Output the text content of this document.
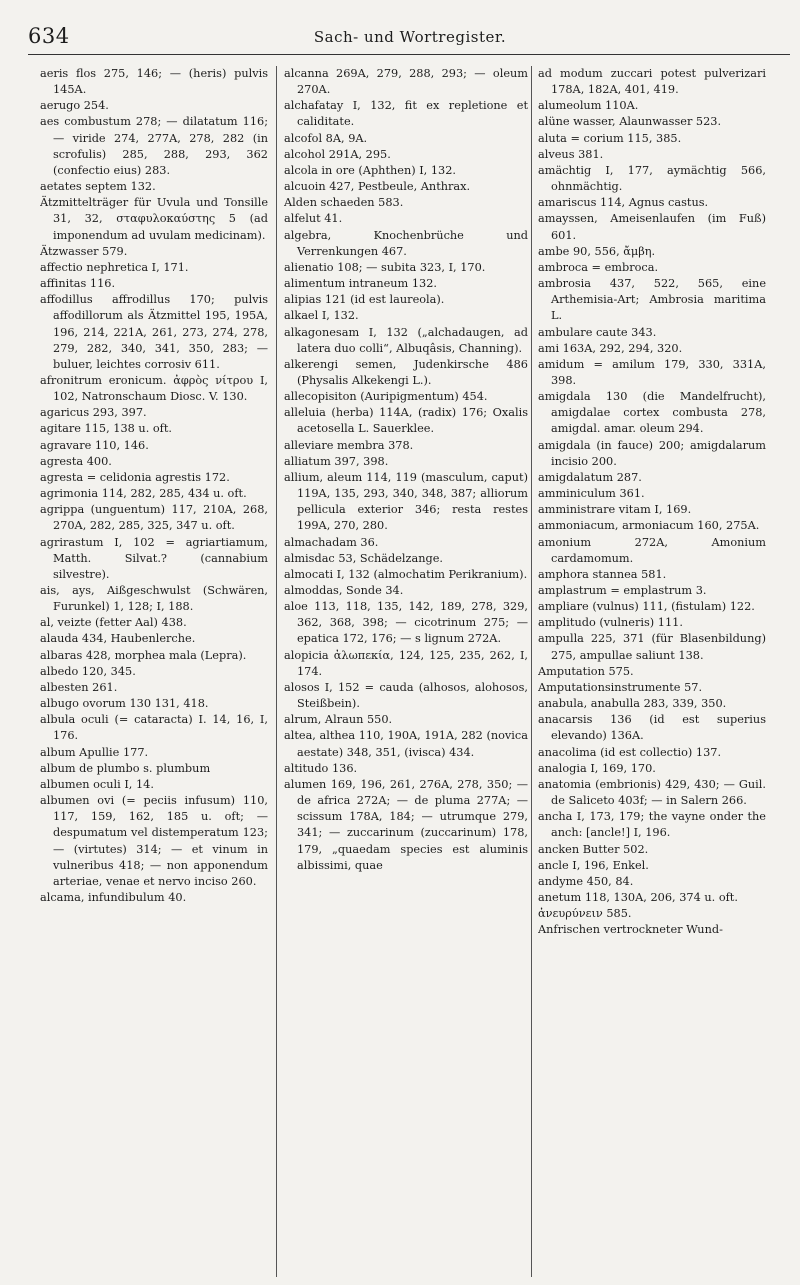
634	Sach- und Wortregister.

aeris flos 275, 146; — (heris) pulvis 145A.

aerugo 254.

aes combustum 278; — dilatatum 116; — viride 274, 277A, 278, 282 (in scrofulis) 285, 288, 293, 362 (confectio eius) 283.

aetates septem 132.

Ätzmittelträger für Uvula und Tonsille 31, 32, σταφυλοκαύστης 5 (ad imponendum ad uvulam medicinam).

Ätzwasser 579.

affectio nephretica I, 171.

affinitas 116.

affodillus affrodillus 170; pulvis affodillorum als Ätzmittel 195, 195A, 196, 214, 221A, 261, 273, 274, 278, 279, 282, 340, 341, 350, 283; — buluer, leichtes corrosiv 611.

afronitrum eronicum. ἀφρὸς νίτρου I, 102, Natronschaum Diosc. V. 130.

agaricus 293, 397.

agitare 115, 138 u. oft.

agravare 110, 146.

agresta 400.

agresta = celidonia agrestis 172.

agrimonia 114, 282, 285, 434 u. oft.

agrippa (unguentum) 117, 210A, 268, 270A, 282, 285, 325, 347 u. oft.

agrirastum I, 102 = agriartiamum, Matth. Silvat.? (cannabium silvestre).

ais, ays, Aißgeschwulst (Schwären, Furunkel) 1, 128; I, 188.

al, veizte (fetter Aal) 438.

alauda 434, Haubenlerche.

albaras 428, morphea mala (Lepra).

albedo 120, 345.

albesten 261.

albugo ovorum 130 131, 418.

albula oculi (= cataracta) I. 14, 16, I, 176.

album Apullie 177.

album de plumbo s. plumbum

albumen oculi I, 14.

albumen ovi (= peciis infusum) 110, 117, 159, 162, 185 u. oft; — despumatum vel distemperatum 123; — (virtutes) 314; — et vinum in vulneribus 418; — non apponendum arteriae, venae et nervo inciso 260.

alcama, infundibulum 40.

alcanna 269A, 279, 288, 293; — oleum 270A.

alchafatay I, 132, fit ex repletione et caliditate.

alcofol 8A, 9A.

alcohol 291A, 295.

alcola in ore (Aphthen) I, 132.

alcuoin 427, Pestbeule, Anthrax.

Alden schaeden 583.

alfelut 41.

algebra, Knochenbrüche und Verrenkungen 467.

alienatio 108; — subita 323, I, 170.

alimentum intraneum 132.

alipias 121 (id est laureola).

alkael I, 132.

alkagonesam I, 132 („alchadaugen, ad latera duo colli“, Albuqâsis, Channing).

alkerengi semen, Judenkirsche 486 (Physalis Alkekengi L.).

allecopisiton (Auripigmentum) 454.

alleluia (herba) 114A, (radix) 176; Oxalis acetosella L. Sauerklee.

alleviare membra 378.

alliatum 397, 398.

allium, aleum 114, 119 (masculum, caput) 119A, 135, 293, 340, 348, 387; alliorum pellicula exterior 346; resta restes 199A, 270, 280.

almachadam 36.

almisdac 53, Schädelzange.

almocati I, 132 (almochatim Perikranium).

almoddas, Sonde 34.

aloe 113, 118, 135, 142, 189, 278, 329, 362, 368, 398; — cicotrinum 275; — epatica 172, 176; — s lignum 272A.

alopicia ἀλωπεκία, 124, 125, 235, 262, I, 174.

alosos I, 152 = cauda (alhosos, alohosos, Steißbein).

alrum, Alraun 550.

altea, althea 110, 190A, 191A, 282 (novica aestate) 348, 351, (ivisca) 434.

altitudo 136.

alumen 169, 196, 261, 276A, 278, 350; — de africa 272A; — de pluma 277A; — scissum 178A, 184; — utrumque 279, 341; — zuccarinum (zuccarinum) 178, 179, „quaedam species est aluminis albissimi, quae

ad modum zuccari potest pulverizari 178A, 182A, 401, 419.

alumeolum 110A.

alüne wasser, Alaunwasser 523.

aluta = corium 115, 385.

alveus 381.

amächtig I, 177, aymächtig 566, ohnmächtig.

amariscus 114, Agnus castus.

amayssen, Ameisenlaufen (im Fuß) 601.

ambe 90, 556, ἄμβη.

ambroca = embroca.

ambrosia 437, 522, 565, eine Arthemisia-Art; Ambrosia maritima L.

ambulare caute 343.

ami 163A, 292, 294, 320.

amidum = amilum 179, 330, 331A, 398.

amigdala 130 (die Mandelfrucht), amigdalae cortex combusta 278, amigdal. amar. oleum 294.

amigdala (in fauce) 200; amigdalarum incisio 200.

amigdalatum 287.

amminiculum 361.

amministrare vitam I, 169.

ammoniacum, armoniacum 160, 275A.

amonium 272A, Amonium cardamomum.

amphora stannea 581.

amplastrum = emplastrum 3.

ampliare (vulnus) 111, (fistulam) 122.

amplitudo (vulneris) 111.

ampulla 225, 371 (für Blasenbildung) 275, ampullae saliunt 138.

Amputation 575.

Amputationsinstrumente 57.

anabula, anabulla 283, 339, 350.

anacarsis 136 (id est superius elevando) 136A.

anacolima (id est collectio) 137.

analogia I, 169, 170.

anatomia (embrionis) 429, 430; — Guil. de Saliceto 403f; — in Salern 266.

ancha I, 173, 179; the vayne onder the anch: [ancle!] I, 196.

ancken Butter 502.

ancle I, 196, Enkel.

andyme 450, 84.

anetum 118, 130A, 206, 374 u. oft.

ἀνευρύνειν 585.

Anfrischen vertrockneter Wund-
